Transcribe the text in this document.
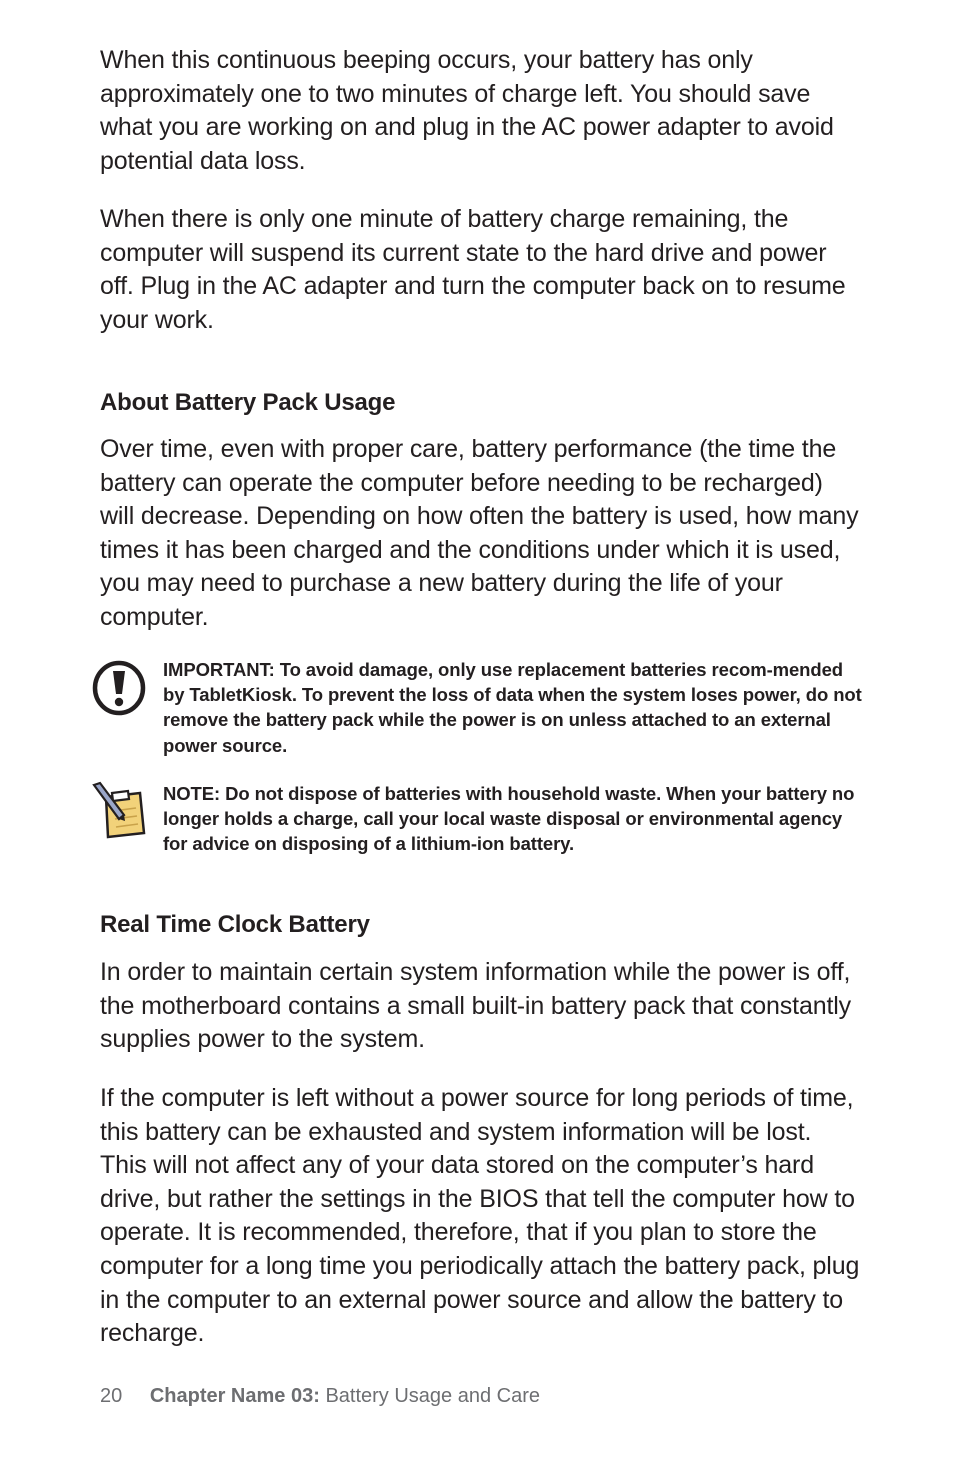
When this continuous beeping occurs, your battery has only approximately one to two minutes of charge left. You should save what you are working on and plug in the AC power adapter to avoid potential data loss.

When there is only one minute of battery charge remaining, the computer will suspend its current state to the hard drive and power off. Plug in the AC adapter and turn the computer back on to resume your work.

About Battery Pack Usage

Over time, even with proper care, battery performance (the time the battery can operate the computer before needing to be recharged) will decrease. Depending on how often the battery is used, how many times it has been charged and the conditions under which it is used, you may need to purchase a new battery during the life of your computer.

IMPORTANT: To avoid damage, only use replacement batteries recom-mended by TabletKiosk. To prevent the loss of data when the system loses power, do not remove the battery pack while the power is on unless attached to an external power source.

NOTE: Do not dispose of batteries with household waste. When your battery no longer holds a charge, call your local waste disposal or environmental agency for advice on disposing of a lithium-ion battery.

Real Time Clock Battery

In order to maintain certain system information while the power is off, the motherboard contains a small built-in battery pack that constantly supplies power to the system.

If the computer is left without a power source for long periods of time, this battery can be exhausted and system information will be lost. This will not affect any of your data stored on the computer’s hard drive, but rather the settings in the BIOS that tell the computer how to operate. It is recommended, therefore, that if you plan to store the computer for a long time you periodically attach the battery pack, plug in the computer to an external power source and allow the battery to recharge.

20 Chapter Name 03: Battery Usage and Care
